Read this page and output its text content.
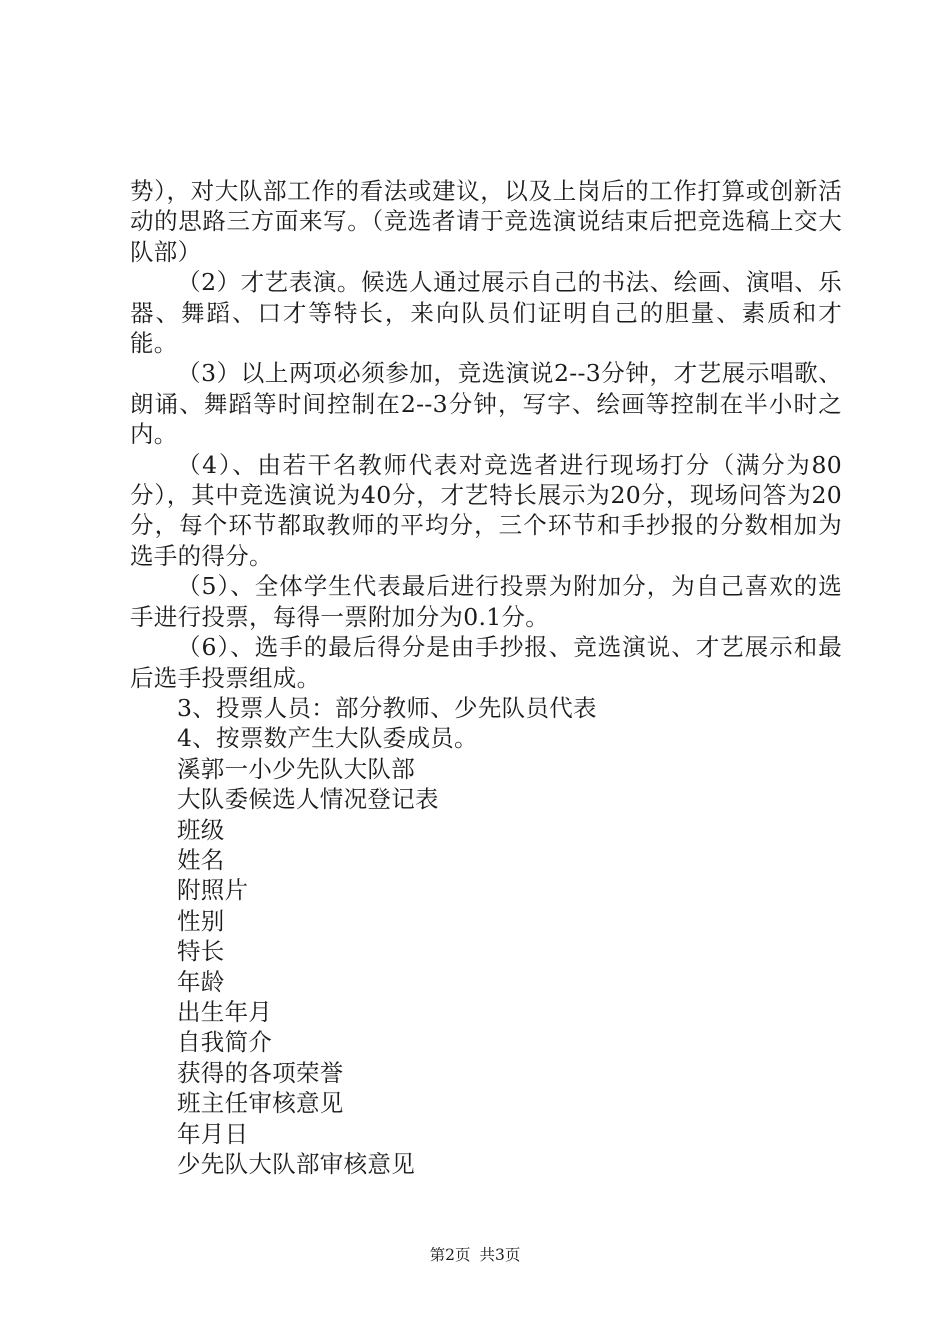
势），对大队部工作的看法或建议，以及上岗后的工作打算或创新活动的思路三方面来写。（竞选者请于竞选演说结束后把竞选稿上交大队部）

（2）才艺表演。候选人通过展示自己的书法、绘画、演唱、乐器、舞蹈、口才等特长，来向队员们证明自己的胆量、素质和才能。

（3）以上两项必须参加，竞选演说2--3分钟，才艺展示唱歌、朗诵、舞蹈等时间控制在2--3分钟，写字、绘画等控制在半小时之内。

（4）、由若干名教师代表对竞选者进行现场打分（满分为80分），其中竞选演说为40分，才艺特长展示为20分，现场问答为20分，每个环节都取教师的平均分，三个环节和手抄报的分数相加为选手的得分。

（5）、全体学生代表最后进行投票为附加分，为自己喜欢的选手进行投票，每得一票附加分为0.1分。

（6）、选手的最后得分是由手抄报、竞选演说、才艺展示和最后选手投票组成。

3、投票人员：部分教师、少先队员代表
4、按票数产生大队委成员。
溪郭一小少先队大队部
大队委候选人情况登记表
班级
姓名
附照片
性别
特长
年龄
出生年月
自我简介
获得的各项荣誉
班主任审核意见
年月日
少先队大队部审核意见
第2页 共3页
